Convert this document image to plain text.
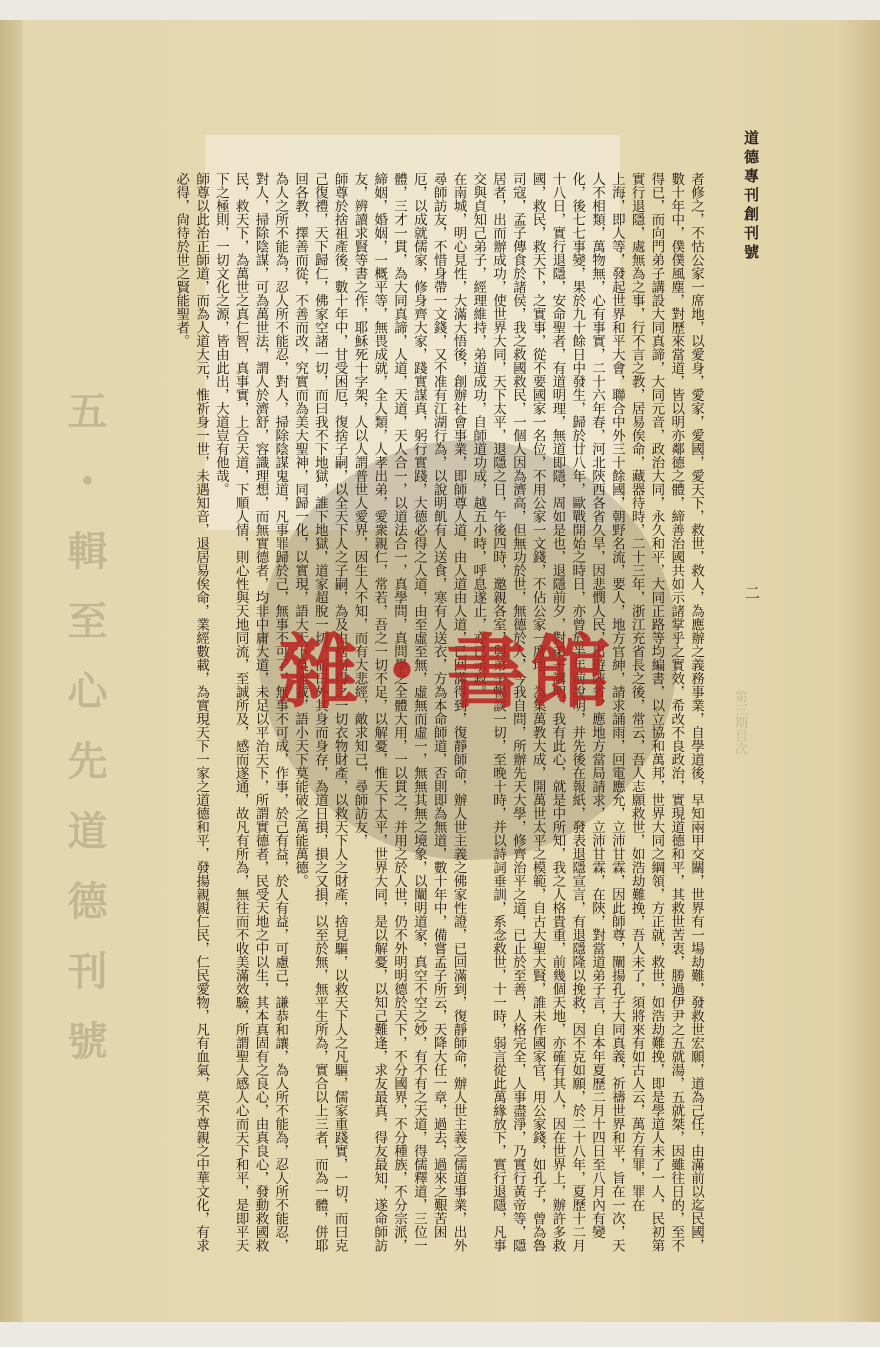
五・輯至心先道德刊號	第三期目次
道德專刊創刊號
二

者修之，不怙公家一席地，以愛身，愛家，愛國，愛天下，救世，救人，為應辦之義務事業，自學道後，早知兩甲交關，世界有一場劫難，發救世宏願，道為己任，由滿前以迄民國，數十年中，僕僕風塵，對歷來當道，皆以明亦鄰德之體，締善治國共如示諸掌乎之實效，希改不良政治，實現道德和平，其救世苦衷，勝過伊尹之五就湯，五就桀，因雖往日的，至不得已，而向門弟子講設大同真諦，大同元音，政治大同，永久和平，大同正路等均編書，以立協和萬邦，世界大同之綱領，方正就，救世，如浩劫難挽，即是學道人未了一人，民初第實行退隱，處無為之事，行不言之教，居易俟命，藏器待時，二十三年，浙江充省長之後，常云，吾人志願救世，如浩劫難挽，吾人未了，須將來有如古人云，萬方有罪，罪在

上海，即人等，發起世界和平大會，聯合中外三十餘國，朝野名流，要人，地方官紳，請求誦雨，回電應允，立沛甘霖，因此師尊，闡揚孔子大同真義，祈禱世界和平，旨在一次，天人不相類，萬物無，心有事實，二十六年春，河北陝西各省久旱，因悲憫人民，出遊陝省，應地方當局請求，立沛甘霖，在陝，對當道弟子言，自本年夏歷二月十四日至八月內有變化，後七七事變，果於九十餘日中發生，歸於廿八年，歐戰開始之時日，亦曾於半年前說明，并先後在報紙，發表退隱宣言，有退隱隆以挽救，因不克如願，於二十八年，夏歷十二月十八日，實行退隱，安命聖者，有道明理，無道即隱，周如是也，退隱前夕，對弟子講明，我有此心，就是中所知，我之人格貴重，前幾個天地，亦確有其人，因在世界上，辦許多救國，救民，救天下，之實事，從不要國家一名位，不用公家一文錢，不佔公家一席地，為集萬教大成，開萬世太平之模範，自古大聖大賢，誰未作國家官，用公家錢，如孔子，曾為魯司寇，孟子傳食於諸侯，我之救國救民，一個人因為濟高，但無功於世，無德於人，今我自問，所辦先天大學，修齊治平之道，已止於至善，人格完全，人事盡淨，乃實行黃帝等，隱居者，出而辦成功，使世界大同，天下太平，退隱之日，午後四時，邀親各室，與弟子暢談一切，至晚十時，并以詩詞垂訓，系念救世，十一時，弱言從此萬緣放下，實行退隱，凡事交與貞知己弟子，經理維持，弟道成功，自師道功成，越五小時，呼息遂止，亦已示寂。

在南城，明心見性，大滿大悟後，創辦社會事業，即師尊人道，由人道由人道，已回滿得到，復靜師命，辦人世主義之佛家性證，已回滿到，復靜師命，辦人世主義之儒道事業，出外尋師訪友，不惜身帶一文錢，又不准有江湖行為，以說明飢有人送食，寒有人送衣，方為本命師道，否則即為無道，數十年中，備嘗孟子所云，天降大任一章，過去，過來之艱苦困厄，以成就儒家，修身齊大家，踐實謀真，躬行實踐，大德必得之人道，由至虛至無，虛無而虛一，無無其無之境象，以闡明道家，真空不空之妙，有不有之天道，得儒釋道，三位一體，三才一貫，為大同真諦，人道，天道，天人合一，以道法合一，真學問，真問學之全體大用，一以貫之，并用之於人世，仍不外明明德於天下，不分國界，不分種族，不分宗派，締姻，婚姻，一概平等，無畏成就，全人類，人孝出弟，愛衆親仁，常若，吾之一切不足，以解憂，惟天下太平，世界大同，是以解憂，以知己難逢，求友最真，得友最知，遂命師訪友，辨讀求賢等書之作，耶穌死十字架，人以人謂普世人愛界，因生人不知，而有大悲經，敵求知己，尋師訪友，

師尊於捨祖產後，數十年中，甘受困厄，復捨子嗣，以全天下人之子嗣，為及由捨而得之一切衣物財產，以救天下人之財產，捨見驅，以救天下人之凡驅，儒家重踐實，一切，而曰克己復禮，天下歸仁，佛家空諸一切，而曰我不下地獄，誰下地獄，道家超脫一切，而曰外其身而身存，為道日損，損之又損，以至於無，無平生所為，實合以上三者，而為一體，併耶回各教，擇善而從，不善而改，究實而為美大聖神，同歸一化，以實現，語大天下莫能載，語小天下莫能破之萬能萬德。

為人之所不能為，忍人所不能忍，對人，掃除陰謀鬼道，凡事罪歸於己，無事不可了，無事不可成，作事，於己有益，於人有益，可慮己，謙恭和讓，為人所不能為，忍人所不能忍，對人，掃除陰謀，可為萬世法，謂人於濟舒，容識理想，而無實德者，均非中庸大道，未足以平治天下，所謂實德者，民受天地之中以生，其本真固有之良心，由真良心，發動救國救民，救天下，為萬世之真仁智，真事實，上合天道，下順人情，則心性與天地同流，至誠所及，感而遂通，故凡有所為，無往而不收美滿效驗，所謂聖人感人心而天下和平，是即平天下之極則，一切文化之源，皆由此出，大道豈有他哉。

師尊以此治正師道，而為人道大元，惟祈身一世，未遇知音，退居易俟命，業經數載，為實現天下一家之道德和平，發揚親親仁民，仁民愛物，凡有血氣，莫不尊親之中華文化，有求必得，尙待於世之賢能聖者。

雜・書館
